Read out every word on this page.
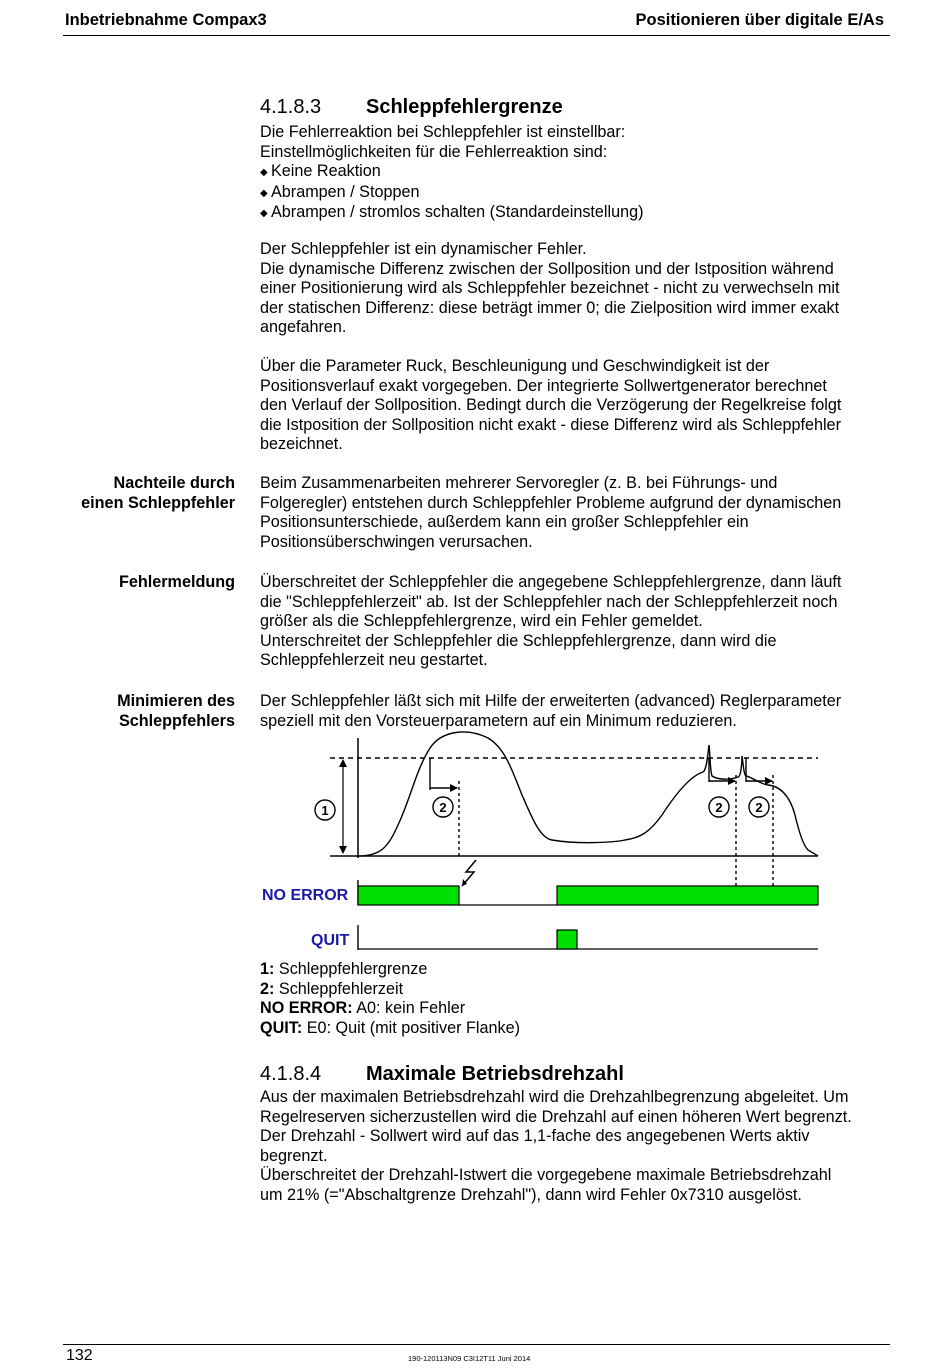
Inbetriebnahme Compax3	Positionieren über digitale E/As
4.1.8.3 Schleppfehlergrenze

Die Fehlerreaktion bei Schleppfehler ist einstellbar:

Einstellmöglichkeiten für die Fehlerreaktion sind:

◆ Keine Reaktion

◆ Abrampen / Stoppen

◆ Abrampen / stromlos schalten (Standardeinstellung)

Der Schleppfehler ist ein dynamischer Fehler.

Die dynamische Differenz zwischen der Sollposition und der Istposition während

einer Positionierung wird als Schleppfehler bezeichnet - nicht zu verwechseln mit

der statischen Differenz: diese beträgt immer 0; die Zielposition wird immer exakt

angefahren.

Über die Parameter Ruck, Beschleunigung und Geschwindigkeit ist der

Positionsverlauf exakt vorgegeben. Der integrierte Sollwertgenerator berechnet

den Verlauf der Sollposition. Bedingt durch die Verzögerung der Regelkreise folgt

die Istposition der Sollposition nicht exakt - diese Differenz wird als Schleppfehler

bezeichnet.

Nachteile durch
einen Schleppfehler

Beim Zusammenarbeiten mehrerer Servoregler (z. B. bei Führungs- und

Folgeregler) entstehen durch Schleppfehler Probleme aufgrund der dynamischen

Positionsunterschiede, außerdem kann ein großer Schleppfehler ein

Positionsüberschwingen verursachen.

Fehlermeldung Überschreitet der Schleppfehler die angegebene Schleppfehlergrenze, dann läuft

die "Schleppfehlerzeit" ab. Ist der Schleppfehler nach der Schleppfehlerzeit noch

größer als die Schleppfehlergrenze, wird ein Fehler gemeldet.

Unterschreitet der Schleppfehler die Schleppfehlergrenze, dann wird die

Schleppfehlerzeit neu gestartet.

Minimieren des
Schleppfehlers

Der Schleppfehler läßt sich mit Hilfe der erweiterten (advanced) Reglerparameter

speziell mit den Vorsteuerparametern auf ein Minimum reduzieren.

1	2	2	2
NO ERROR
QUIT

1: Schleppfehlergrenze

2: Schleppfehlerzeit

NO ERROR: A0: kein Fehler

QUIT: E0: Quit (mit positiver Flanke)

4.1.8.4 Maximale Betriebsdrehzahl

Aus der maximalen Betriebsdrehzahl wird die Drehzahlbegrenzung abgeleitet. Um

Regelreserven sicherzustellen wird die Drehzahl auf einen höheren Wert begrenzt.

Der Drehzahl - Sollwert wird auf das 1,1-fache des angegebenen Werts aktiv

begrenzt.

Überschreitet der Drehzahl-Istwert die vorgegebene maximale Betriebsdrehzahl

um 21% (="Abschaltgrenze Drehzahl"), dann wird Fehler 0x7310 ausgelöst.

132	190-120113N09 C3I12T11 Juni 2014
